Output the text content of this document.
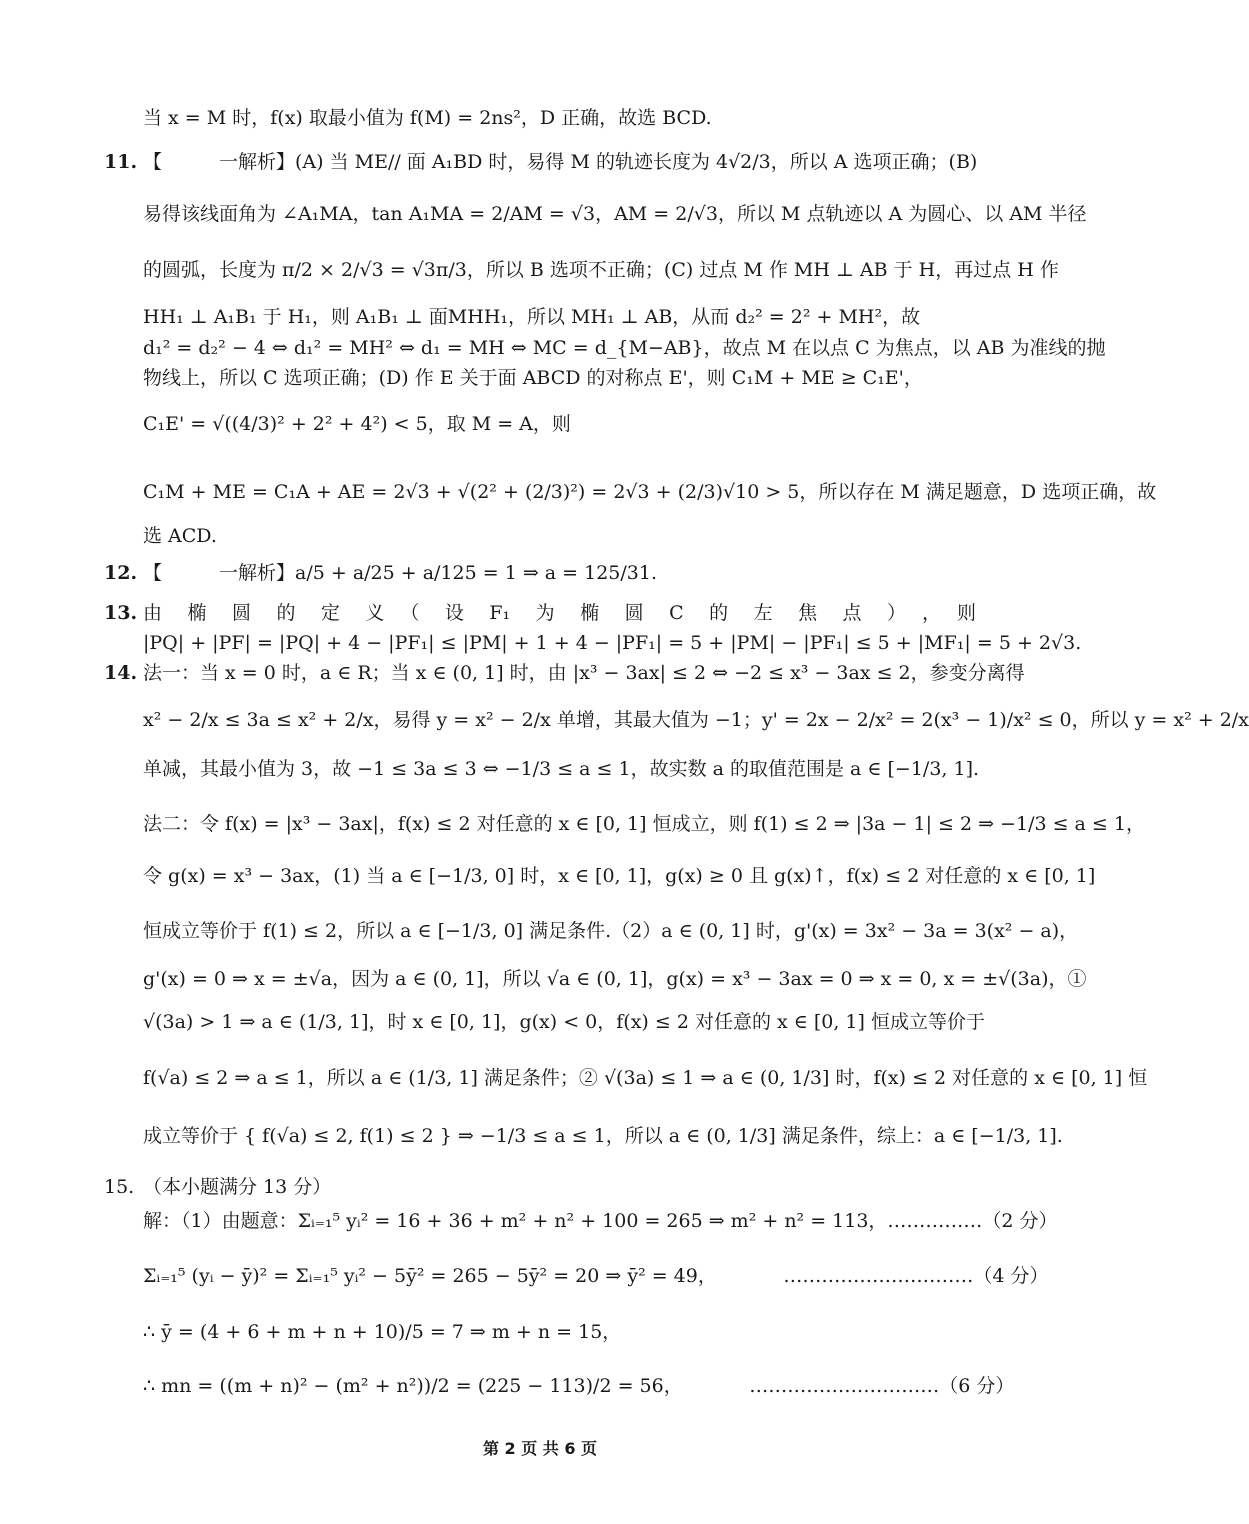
11.
12.
13.
14.
15.
当 x = M 时，f(x) 取最小值为 f(M) = 2ns²，D 正确，故选 BCD.
【　　　一解析】(A) 当 ME// 面 A₁BD 时，易得 M 的轨迹长度为 4√2/3，所以 A 选项正确；(B)
易得该线面角为 ∠A₁MA，tan A₁MA = 2/AM = √3，AM = 2/√3，所以 M 点轨迹以 A 为圆心、以 AM 半径
的圆弧，长度为 π/2 × 2/√3 = √3π/3，所以 B 选项不正确；(C) 过点 M 作 MH ⊥ AB 于 H，再过点 H 作
HH₁ ⊥ A₁B₁ 于 H₁，则 A₁B₁ ⊥ 面MHH₁，所以 MH₁ ⊥ AB，从而 d₂² = 2² + MH²，故
d₁² = d₂² − 4 ⇔ d₁² = MH² ⇔ d₁ = MH ⇔ MC = d_{M−AB}，故点 M 在以点 C 为焦点，以 AB 为准线的抛
物线上，所以 C 选项正确；(D) 作 E 关于面 ABCD 的对称点 E'，则 C₁M + ME ≥ C₁E'，
C₁E' = √((4/3)² + 2² + 4²) < 5，取 M = A，则
C₁M + ME = C₁A + AE = 2√3 + √(2² + (2/3)²) = 2√3 + (2/3)√10 > 5，所以存在 M 满足题意，D 选项正确，故
选 ACD.
【　　　一解析】a/5 + a/25 + a/125 = 1 ⇒ a = 125/31.
由　椭　圆　的　定　义　（　设　F₁　为　椭　圆　C　的　左　焦　点　）　，　则
|PQ| + |PF| = |PQ| + 4 − |PF₁| ≤ |PM| + 1 + 4 − |PF₁| = 5 + |PM| − |PF₁| ≤ 5 + |MF₁| = 5 + 2√3.
法一：当 x = 0 时，a ∈ R；当 x ∈ (0, 1] 时，由 |x³ − 3ax| ≤ 2 ⇔ −2 ≤ x³ − 3ax ≤ 2，参变分离得
x² − 2/x ≤ 3a ≤ x² + 2/x，易得 y = x² − 2/x 单增，其最大值为 −1；y' = 2x − 2/x² = 2(x³ − 1)/x² ≤ 0，所以 y = x² + 2/x
单减，其最小值为 3，故 −1 ≤ 3a ≤ 3 ⇔ −1/3 ≤ a ≤ 1，故实数 a 的取值范围是 a ∈ [−1/3, 1].
法二：令 f(x) = |x³ − 3ax|，f(x) ≤ 2 对任意的 x ∈ [0, 1] 恒成立，则 f(1) ≤ 2 ⇒ |3a − 1| ≤ 2 ⇒ −1/3 ≤ a ≤ 1，
令 g(x) = x³ − 3ax，(1) 当 a ∈ [−1/3, 0] 时，x ∈ [0, 1]，g(x) ≥ 0 且 g(x)↑，f(x) ≤ 2 对任意的 x ∈ [0, 1]
恒成立等价于 f(1) ≤ 2，所以 a ∈ [−1/3, 0] 满足条件.（2）a ∈ (0, 1] 时，g'(x) = 3x² − 3a = 3(x² − a)，
g'(x) = 0 ⇒ x = ±√a，因为 a ∈ (0, 1]，所以 √a ∈ (0, 1]，g(x) = x³ − 3ax = 0 ⇒ x = 0, x = ±√(3a)，①
√(3a) > 1 ⇒ a ∈ (1/3, 1]，时 x ∈ [0, 1]，g(x) < 0，f(x) ≤ 2 对任意的 x ∈ [0, 1] 恒成立等价于
f(√a) ≤ 2 ⇒ a ≤ 1，所以 a ∈ (1/3, 1] 满足条件；② √(3a) ≤ 1 ⇒ a ∈ (0, 1/3] 时，f(x) ≤ 2 对任意的 x ∈ [0, 1] 恒
成立等价于 { f(√a) ≤ 2, f(1) ≤ 2 } ⇒ −1/3 ≤ a ≤ 1，所以 a ∈ (0, 1/3] 满足条件，综上：a ∈ [−1/3, 1].
（本小题满分 13 分）
解：（1）由题意：Σᵢ₌₁⁵ yᵢ² = 16 + 36 + m² + n² + 100 = 265 ⇒ m² + n² = 113，……………（2 分）
Σᵢ₌₁⁵ (yᵢ − ȳ)² = Σᵢ₌₁⁵ yᵢ² − 5ȳ² = 265 − 5ȳ² = 20 ⇒ ȳ² = 49，　　　　…………………………（4 分）
∴ ȳ = (4 + 6 + m + n + 10)/5 = 7 ⇒ m + n = 15，
∴ mn = ((m + n)² − (m² + n²))/2 = (225 − 113)/2 = 56，　　　　…………………………（6 分）
第 2 页 共 6 页
